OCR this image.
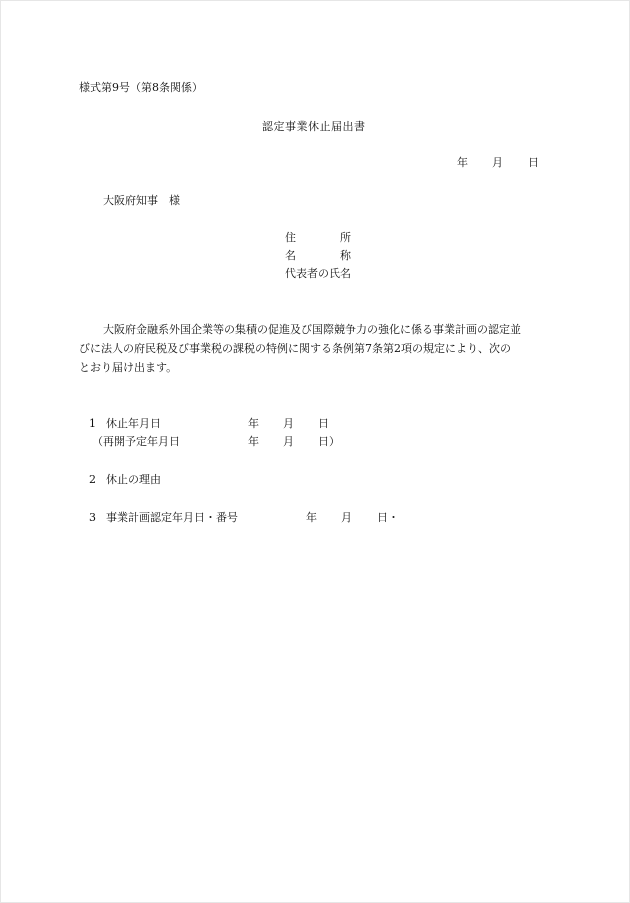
様式第9号（第8条関係）
認定事業休止届出書
年 月 日
大阪府知事　様
住　　　　所
名　　　　称
代表者の氏名
大阪府金融系外国企業等の集積の促進及び国際競争力の強化に係る事業計画の認定並
びに法人の府民税及び事業税の課税の特例に関する条例第7条第2項の規定により、次の
とおり届け出ます。
1 休止年月日	年 月 日
（再開予定年月日	年 月 日）
2 休止の理由
3 事業計画認定年月日・番号	年 月 日・
